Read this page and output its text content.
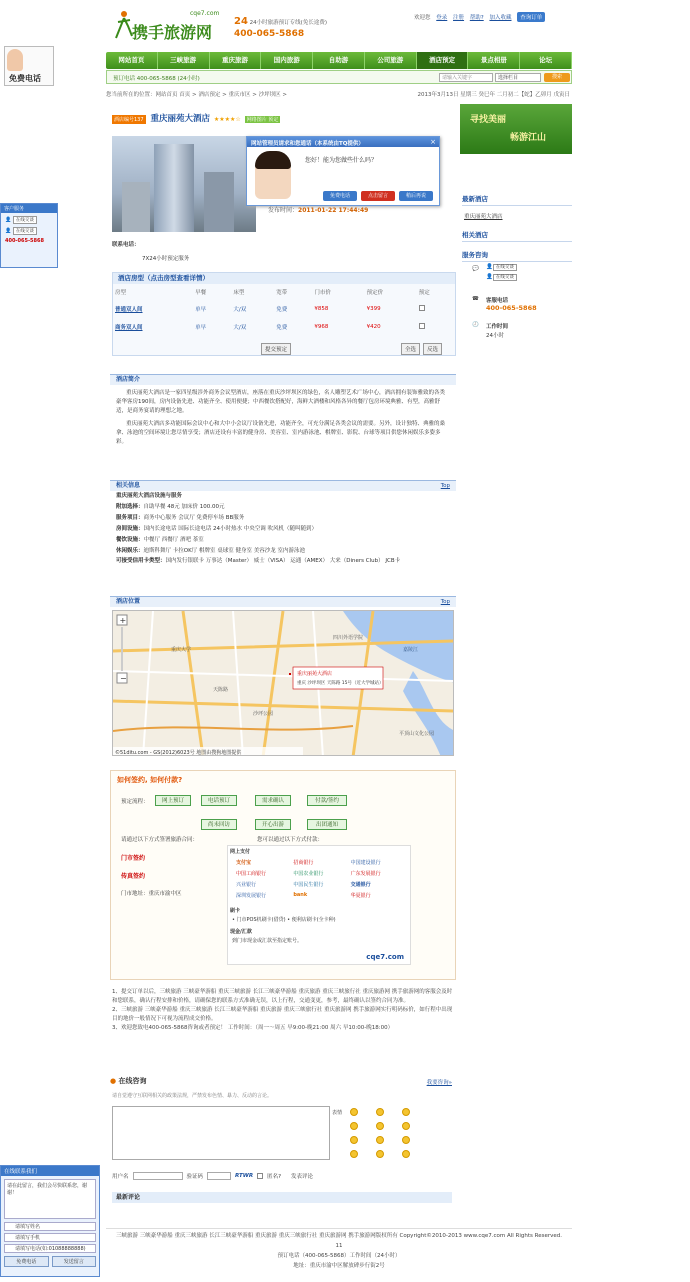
免费电话
客户服务
👤 在线交谈
👤 在线交谈
400-065-5868
在线联系我们
请在此留言，我们会尽快联系您，谢谢！
请填写姓名
请填写手机
请填写电话(如:01088888888)
免费电话	发送留言
携手旅游网
cqe7.com
24 24小时旅游预订专线(免长途费)
400-065-5868
欢迎您 登录 注册 帮助? 加入收藏 查询订单
网站首页	三峡旅游	重庆旅游	国内旅游	自助游	公司旅游	酒店预定	景点相册	论坛
预订电话 400-065-5868 (24小时)	请输入关键字	选择栏目	搜索
您当前所在的位置：网站首页 首页 > 酒店预定 > 重庆市区 > 沙坪坝区 >	2013年3月13日 星期三 癸巳年 二月初二【蛇】乙卯月 戊寅日
酒店编号137 重庆丽苑大酒店 ★★★★☆ 网络图片 预定
网站管理员请求和您通话（本系统由TQ提供）	×
您好！能为您做些什么吗？
免费电话	点击留言	稍后再说
发布时间：2011-01-22 17:44:49
联系电话：
7X24小时预定服务
酒店房型（点击房型查看详情）
房型	早餐	床型	宽带	门市价	预定价	预定
普通双人间	单早	大/双	免费	¥858	¥399	
商务双人间	单早	大/双	免费	¥968	¥420	
提交预定	全选	反选
酒店简介
重庆丽苑大酒店是一家四星级涉外商务会议型酒店，座落在重庆沙坪坝区的绿色，名人雕塑艺术广场中心，酒店拥有装饰雅致的各类豪华客房190间，房内设备先进、功能齐全、使用便捷；中西餐饮搭配好，海鲜大酒楼和风格各异的餐厅包房环境典雅、有型，高雅舒适，是商务宴请的理想之地。
重庆丽苑大酒店多功能国际会议中心和大中小会议厅设备先进，功能齐全，可充分满足各类会议的需要。另外，设计独特、典雅的桑拿、泳池的空间环境让您尽情享受；酒店还设有丰富的健身房、美容室、室内游泳池、棋牌室、影院、台球等项目供您休闲娱乐多姿多彩。
相关信息	Top
重庆丽苑大酒店设施与服务
附加选择：自助早餐 48元 加床价 100.00元
服务项目：商务中心服务 会议厅 免费停车场 BB服务
房间设施：国内长途电话 国际长途电话 24小时热水 中央空调 吹风机（随叫随到）
餐饮设施：中餐厅 西餐厅 酒吧 茶室
休闲娱乐：迪斯科舞厅 卡拉OK厅 棋牌室 桌球室 健身室 美容沙龙 室内游泳池
可接受信用卡类型：国内发行银联卡 万事达（Master） 威士（VISA） 运通（AMEX） 大来（Diners Club） JCB卡
酒店位置	Top
重庆大学
四川外语学院
沙坪公园
天陈路
嘉陵江
平顶山文化公园
重庆丽苑大酒店
重庆 沙坪坝区 天陈路 15号（近大学城站）
+
−
©51ditu.com - GS(2012)6023号 地图由搜狗地图提供
如何签约, 如何付款?
预定流程：	网上预订	电话预订	需求确认	付款/签约
出团通知
开心出游
尚未回访
请通过以下方式签署旅游合同：	您可以通过以下方式付款：
门市签约
传真签约
门市地址：重庆市渝中区
网上支付
支付宝	招商银行	中国建设银行
中国工商银行	中国农业银行	广东发展银行
兴业银行	中国民生银行	交通银行
深圳发展银行	bank	华夏银行
刷卡
• 门市POS机刷卡(借贷) • 便利店刷卡(全卡种)
现金/汇款
到门市现金或汇款至指定账号。
cqe7.com
1、提交订单以后，三峡旅游 三峡豪华游船 重庆三峡旅游 长江三峡豪华游船 重庆旅游 重庆三峡旅行社 重庆旅游网 携手旅游网的客服会及时和您联系，确认行程安排和价格，请确保您的联系方式准确无误，以上行程，交通变更，参考，最终确认以签约合同为准。
2、三峡旅游 三峡豪华游船 重庆三峡旅游 长江三峡豪华游船 重庆旅游 重庆三峡旅行社 重庆旅游网 携手旅游网实行明码标价，如行程中出现目的地价一般情况下可视为流程成交价格。
3、欢迎您致电400-065-5868咨询或者预定！ 工作时间：（周一～周五 早9:00-晚21:00 周六 早10:00-晚18:00）
● 在线咨询	我要咨询»
请自觉遵守互联网相关的政策法规，严禁发布色情、暴力、反动的言论。
表情
用户名	验证码	RTWR	匿名? 发表评论
最新评论
三峡旅游 三峡豪华游船 重庆三峡旅游 长江三峡豪华游船 重庆旅游 重庆三峡旅行社 重庆旅游网 携手旅游网版权所有 Copyright©2010-2013 www.cqe7.com All Rights Reserved.
11
预订电话（400-065-5868）工作时间（24小时）
地址：重庆市渝中区解放碑步行街2号
寻找美丽
畅游江山
最新酒店
重庆丽苑大酒店
相关酒店
服务咨询
💬 👤 在线交谈
👤 在线交谈
☎ 客服电话
400-065-5868
🕘 工作时间
24小时
